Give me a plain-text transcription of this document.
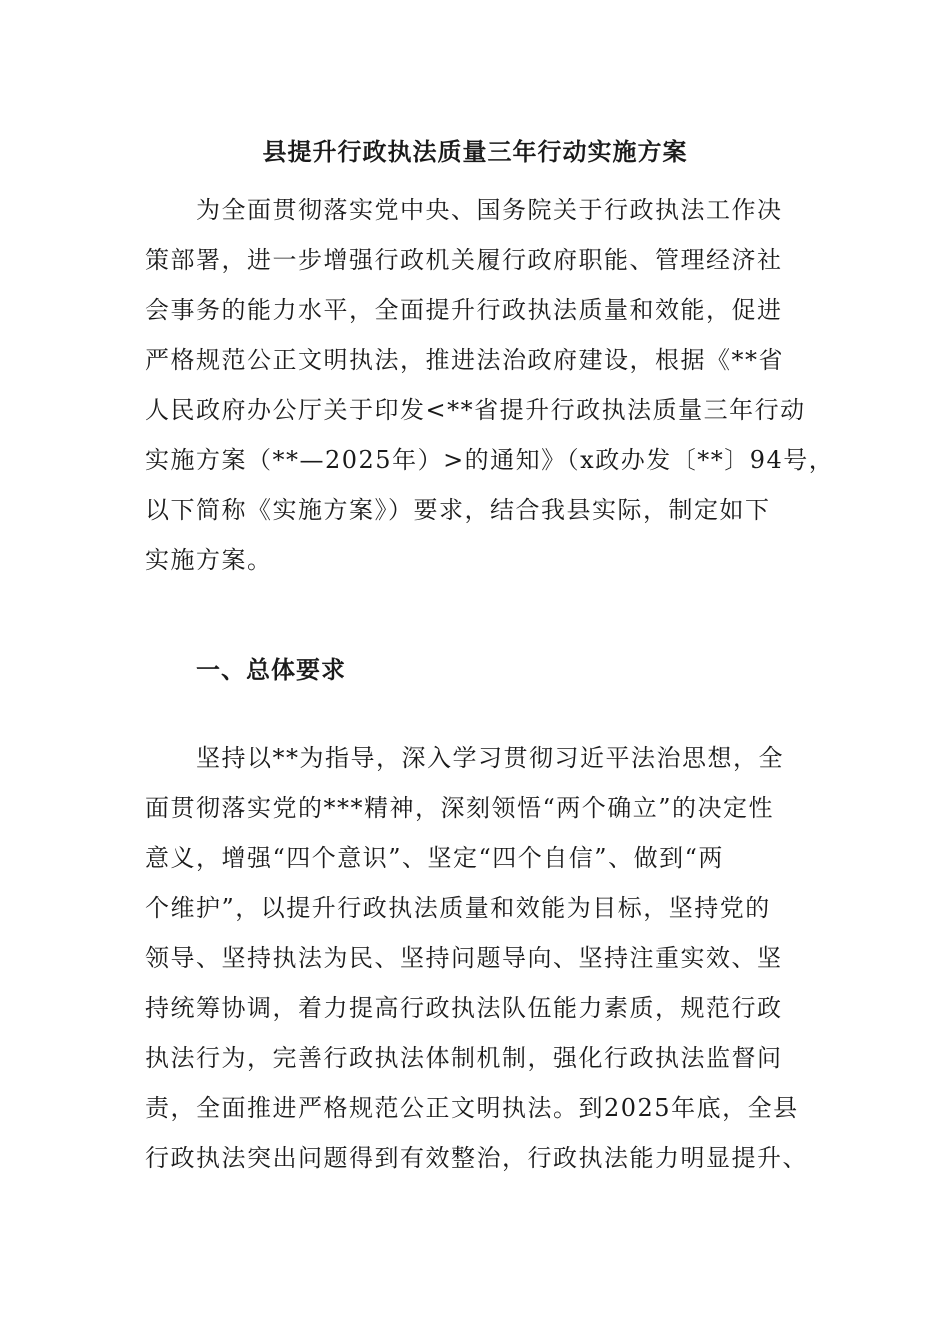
县提升行政执法质量三年行动实施方案
为全面贯彻落实党中央、国务院关于行政执法工作决
策部署，进一步增强行政机关履行政府职能、管理经济社
会事务的能力水平，全面提升行政执法质量和效能，促进
严格规范公正文明执法，推进法治政府建设，根据《**省
人民政府办公厅关于印发<**省提升行政执法质量三年行动
实施方案（**—2025年）>的通知》（x政办发〔**〕94号，
以下简称《实施方案》）要求，结合我县实际，制定如下
实施方案。
一、总体要求
坚持以**为指导，深入学习贯彻习近平法治思想，全
面贯彻落实党的***精神，深刻领悟“两个确立”的决定性
意义，增强“四个意识”、坚定“四个自信”、做到“两
个维护”，以提升行政执法质量和效能为目标，坚持党的
领导、坚持执法为民、坚持问题导向、坚持注重实效、坚
持统筹协调，着力提高行政执法队伍能力素质，规范行政
执法行为，完善行政执法体制机制，强化行政执法监督问
责，全面推进严格规范公正文明执法。到2025年底，全县
行政执法突出问题得到有效整治，行政执法能力明显提升、
